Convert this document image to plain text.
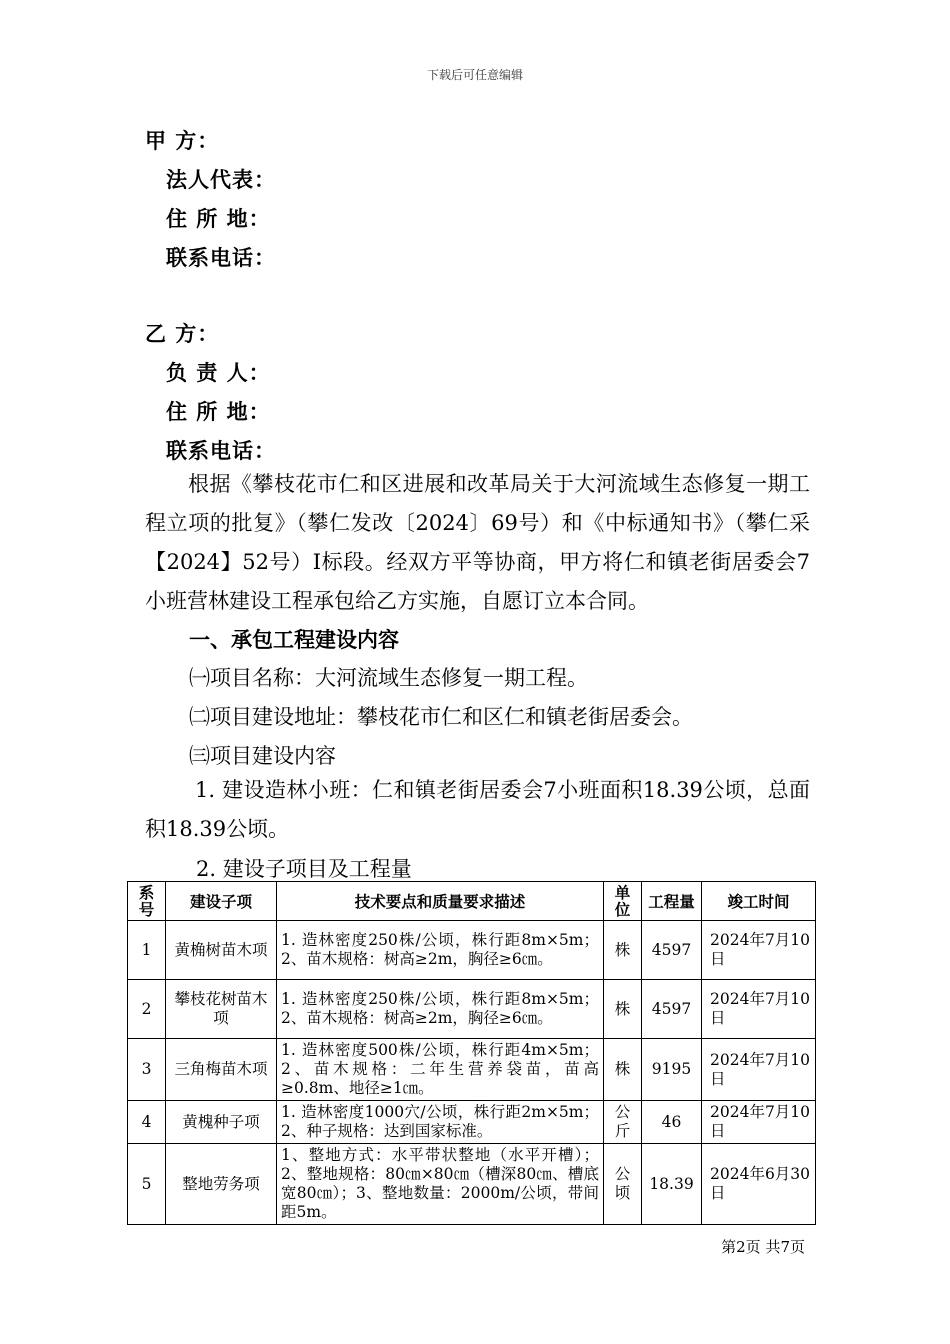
下载后可任意编辑
甲 方：
法人代表：
住 所 地：
联系电话：
乙 方：
负 责 人：
住 所 地：
联系电话：
根据《攀枝花市仁和区进展和改革局关于大河流域生态修复一期工程立项的批复》（攀仁发改〔2024〕69号）和《中标通知书》（攀仁采【2024】52号）Ⅰ标段。经双方平等协商，甲方将仁和镇老街居委会7小班营林建设工程承包给乙方实施，自愿订立本合同。
一、承包工程建设内容
㈠项目名称：大河流域生态修复一期工程。
㈡项目建设地址：攀枝花市仁和区仁和镇老街居委会。
㈢项目建设内容
1. 建设造林小班：仁和镇老街居委会7小班面积18.39公顷，总面积18.39公顷。
2. 建设子项目及工程量
系号	建设子项	技术要点和质量要求描述	单位	工程量	竣工时间
1	黄桷树苗木项	1. 造林密度250株/公顷，株行距8m×5m；2、苗木规格：树高≥2m，胸径≥6㎝。	株	4597	2024年7月10日
2	攀枝花树苗木项	1. 造林密度250株/公顷，株行距8m×5m；2、苗木规格：树高≥2m，胸径≥6㎝。	株	4597	2024年7月10日
3	三角梅苗木项	1. 造林密度500株/公顷，株行距4m×5m；2、苗木规格：二年生营养袋苗，苗高≥0.8m、地径≥1㎝。	株	9195	2024年7月10日
4	黄槐种子项	1. 造林密度1000穴/公顷，株行距2m×5m；2、种子规格：达到国家标准。	公斤	46	2024年7月10日
5	整地劳务项	1、整地方式：水平带状整地（水平开槽）；2、整地规格：80㎝×80㎝（槽深80㎝、槽底宽80㎝）；3、整地数量：2000m/公顷，带间距5m。	公顷	18.39	2024年6月30日
第2页 共7页
